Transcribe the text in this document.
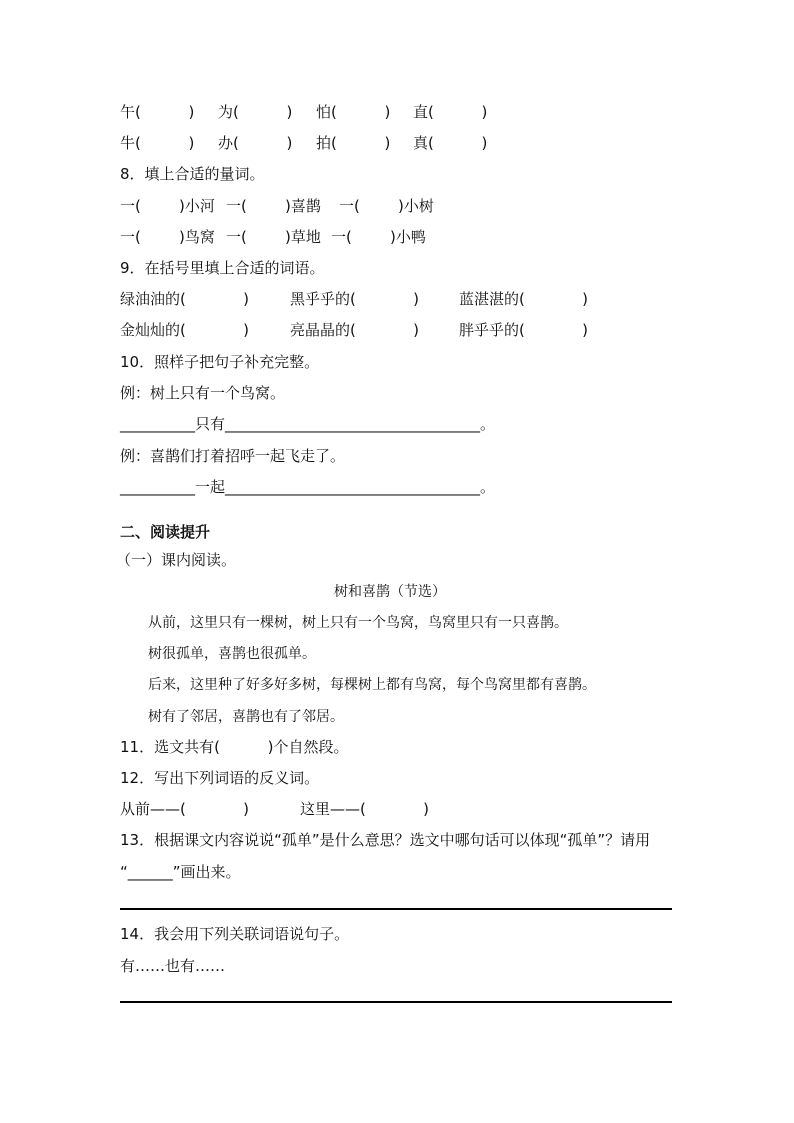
午(          ) 为(          ) 怕(          ) 直(          )
牛(          ) 办(          ) 拍(          ) 真(          )
8．填上合适的量词。
一(        )小河 一(        )喜鹊 一(        )小树
一(        )鸟窝 一(        )草地 一(        )小鸭
9．在括号里填上合适的词语。
绿油油的(            )	黑乎乎的(            )	蓝湛湛的(            )
金灿灿的(            )	亮晶晶的(            )	胖乎乎的(            )
10．照样子把句子补充完整。
例：树上只有一个鸟窝。
__________只有__________________________________。
例：喜鹊们打着招呼一起飞走了。
__________一起__________________________________。
二、阅读提升
（一）课内阅读。
树和喜鹊（节选）
从前，这里只有一棵树，树上只有一个鸟窝，鸟窝里只有一只喜鹊。
树很孤单，喜鹊也很孤单。
后来，这里种了好多好多树，每棵树上都有鸟窝，每个鸟窝里都有喜鹊。
树有了邻居，喜鹊也有了邻居。
11．选文共有(          )个自然段。
12．写出下列词语的反义词。
从前——(            )	这里——(            )
13．根据课文内容说说“孤单”是什么意思？选文中哪句话可以体现“孤单”？请用
“______”画出来。
14．我会用下列关联词语说句子。
有……也有……
